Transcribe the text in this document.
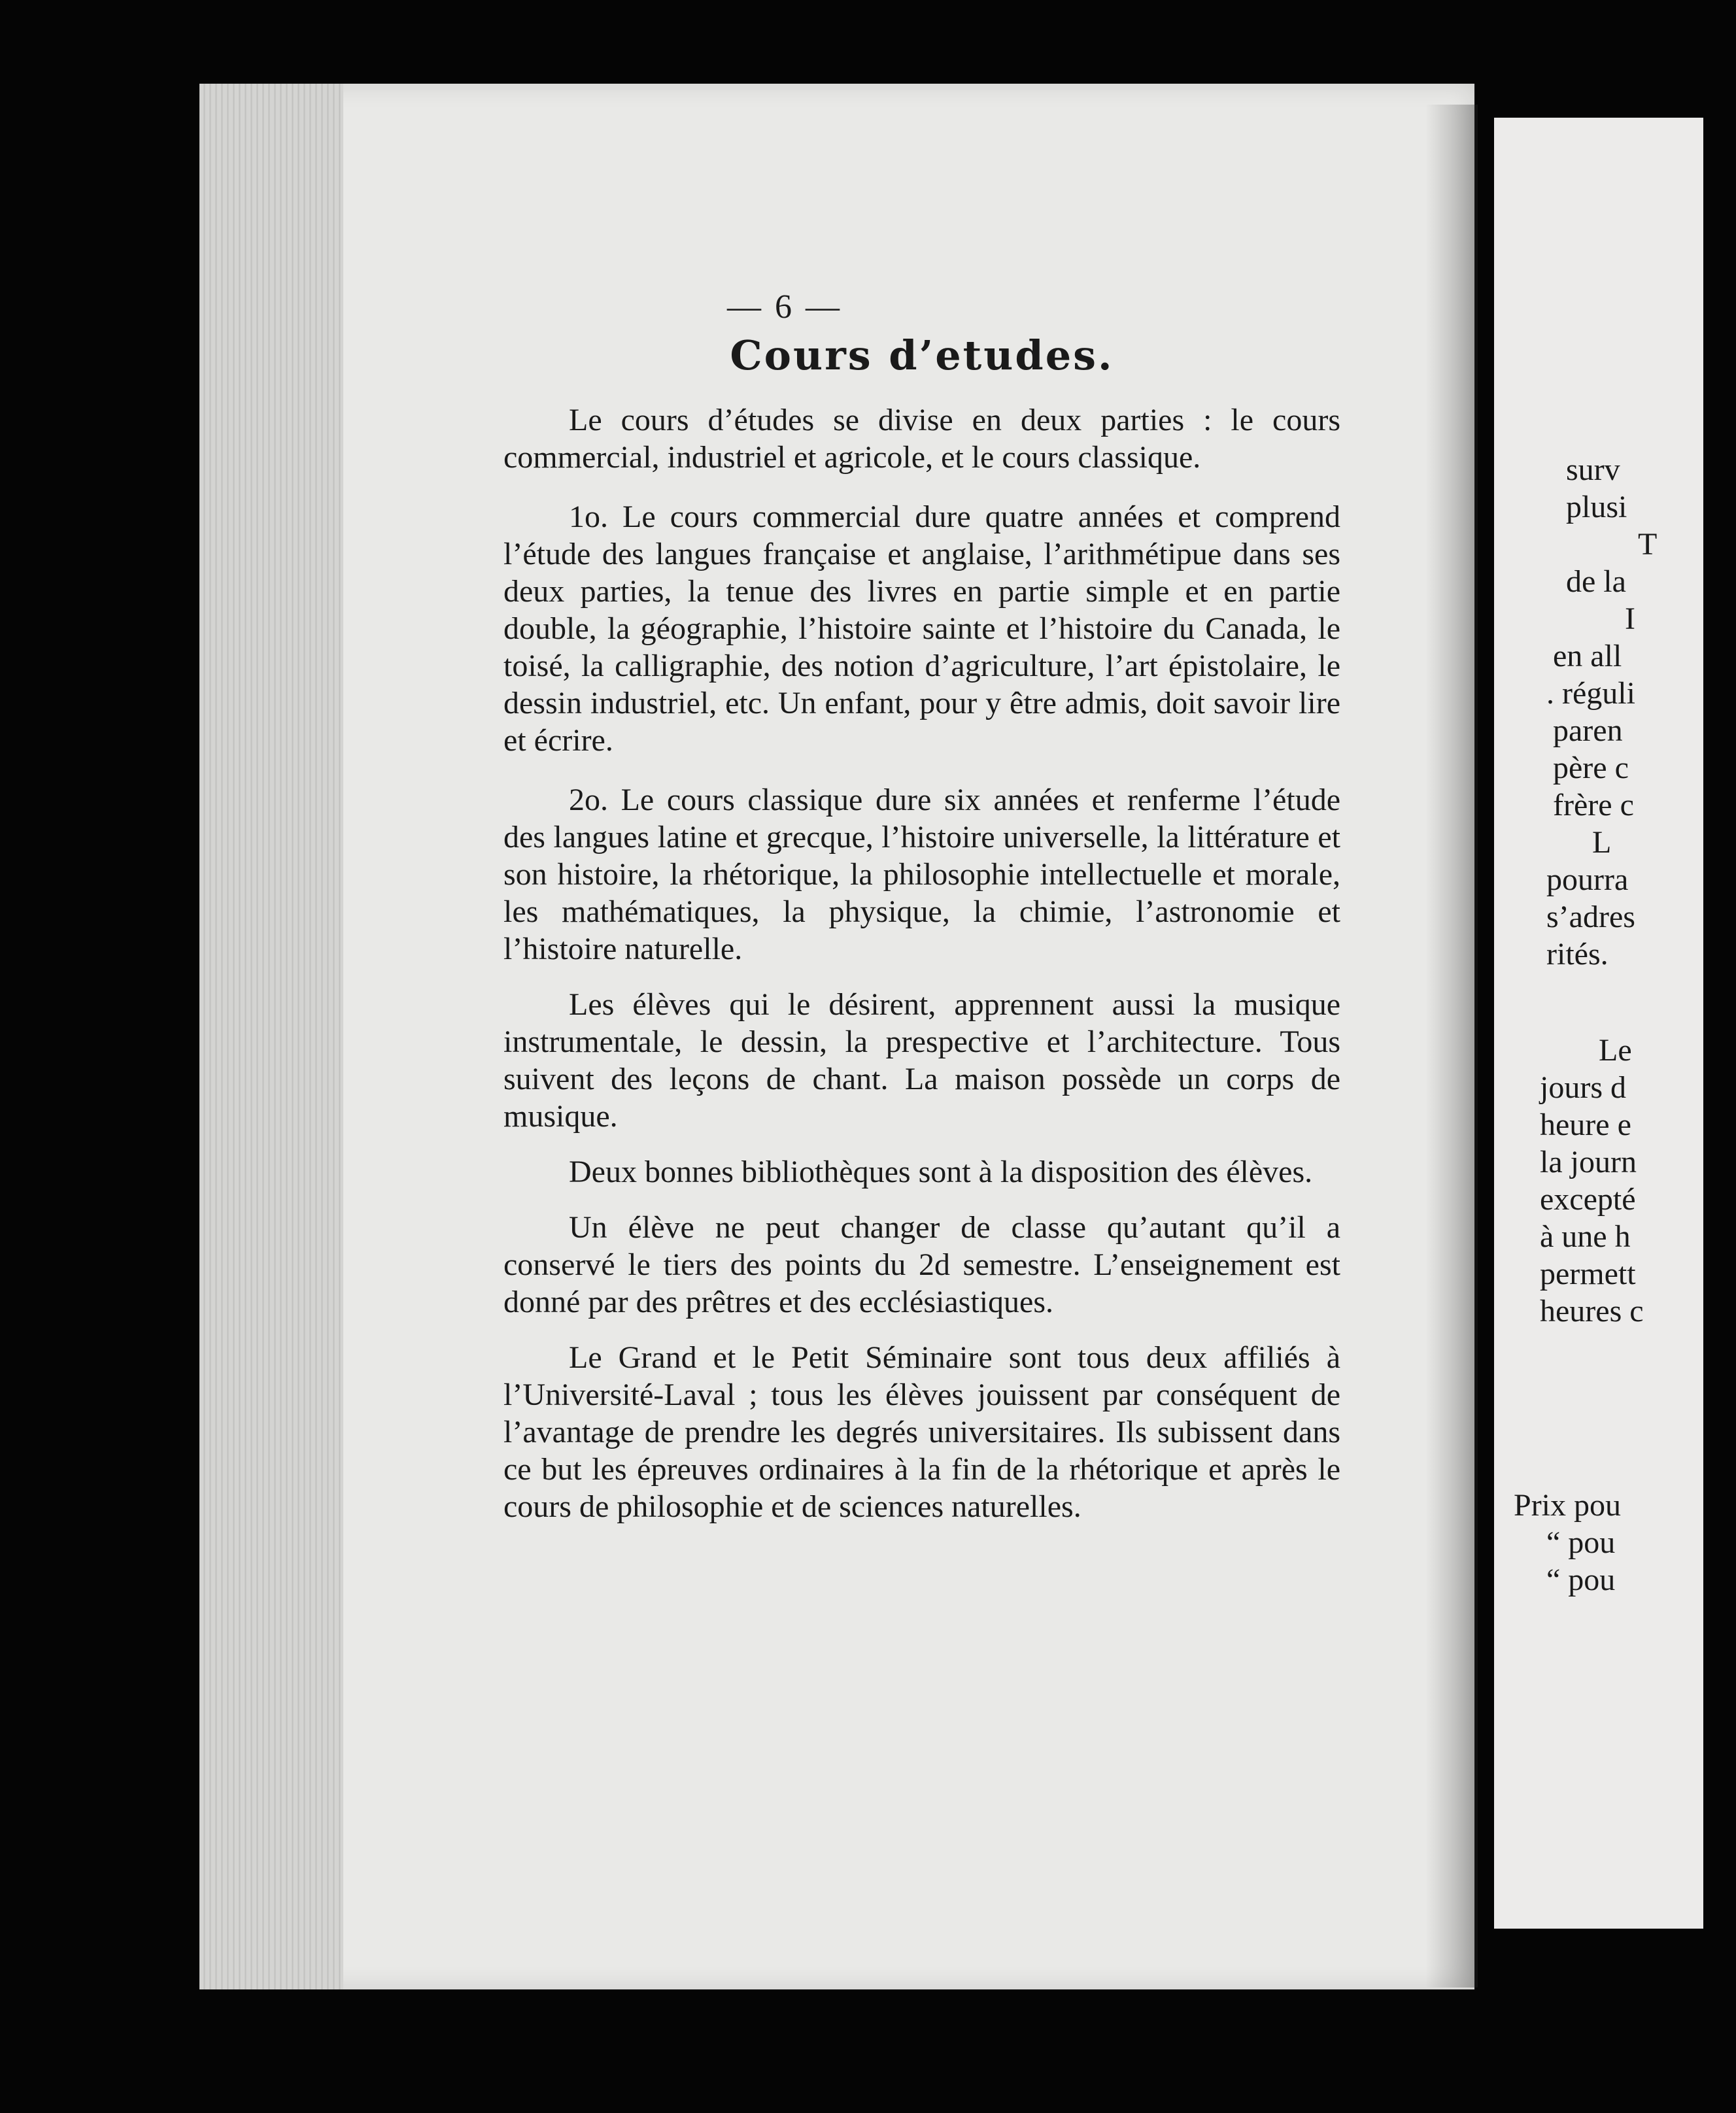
— 6 —
Cours d’etudes.

Le cours d’études se divise en deux parties : le cours commercial, industriel et agricole, et le cours classique.

1o. Le cours commercial dure quatre années et comprend l’étude des langues française et anglaise, l’arithmétipue dans ses deux parties, la tenue des livres en partie simple et en partie double, la géographie, l’histoire sainte et l’histoire du Canada, le toisé, la calligraphie, des notion d’agriculture, l’art épistolaire, le dessin industriel, etc. Un enfant, pour y être admis, doit savoir lire et écrire.

2o. Le cours classique dure six années et renferme l’étude des langues latine et grecque, l’histoire universelle, la littérature et son histoire, la rhétorique, la philosophie intellectuelle et morale, les mathématiques, la physique, la chimie, l’astronomie et l’histoire naturelle.

Les élèves qui le désirent, apprennent aussi la musique instrumentale, le dessin, la prespective et l’architecture. Tous suivent des leçons de chant. La maison possède un corps de musique.

Deux bonnes bibliothèques sont à la disposition des élèves.

Un élève ne peut changer de classe qu’autant qu’il a conservé le tiers des points du 2d semestre. L’enseignement est donné par des prêtres et des ecclésiastiques.

Le Grand et le Petit Séminaire sont tous deux affiliés à l’Université-Laval ; tous les élèves jouissent par conséquent de l’avantage de prendre les degrés universitaires. Ils subissent dans ce but les épreuves ordinaires à la fin de la rhétorique et après le cours de philosophie et de sciences naturelles.

surv
plusi
T
de la
I
en all
. réguli
paren
père c
frère c
L
pourra
s’adres
rités.
Le
jours d
heure e
la journ
excepté
à une h
permett
heures c
Prix pou
“ pou
“ pou
